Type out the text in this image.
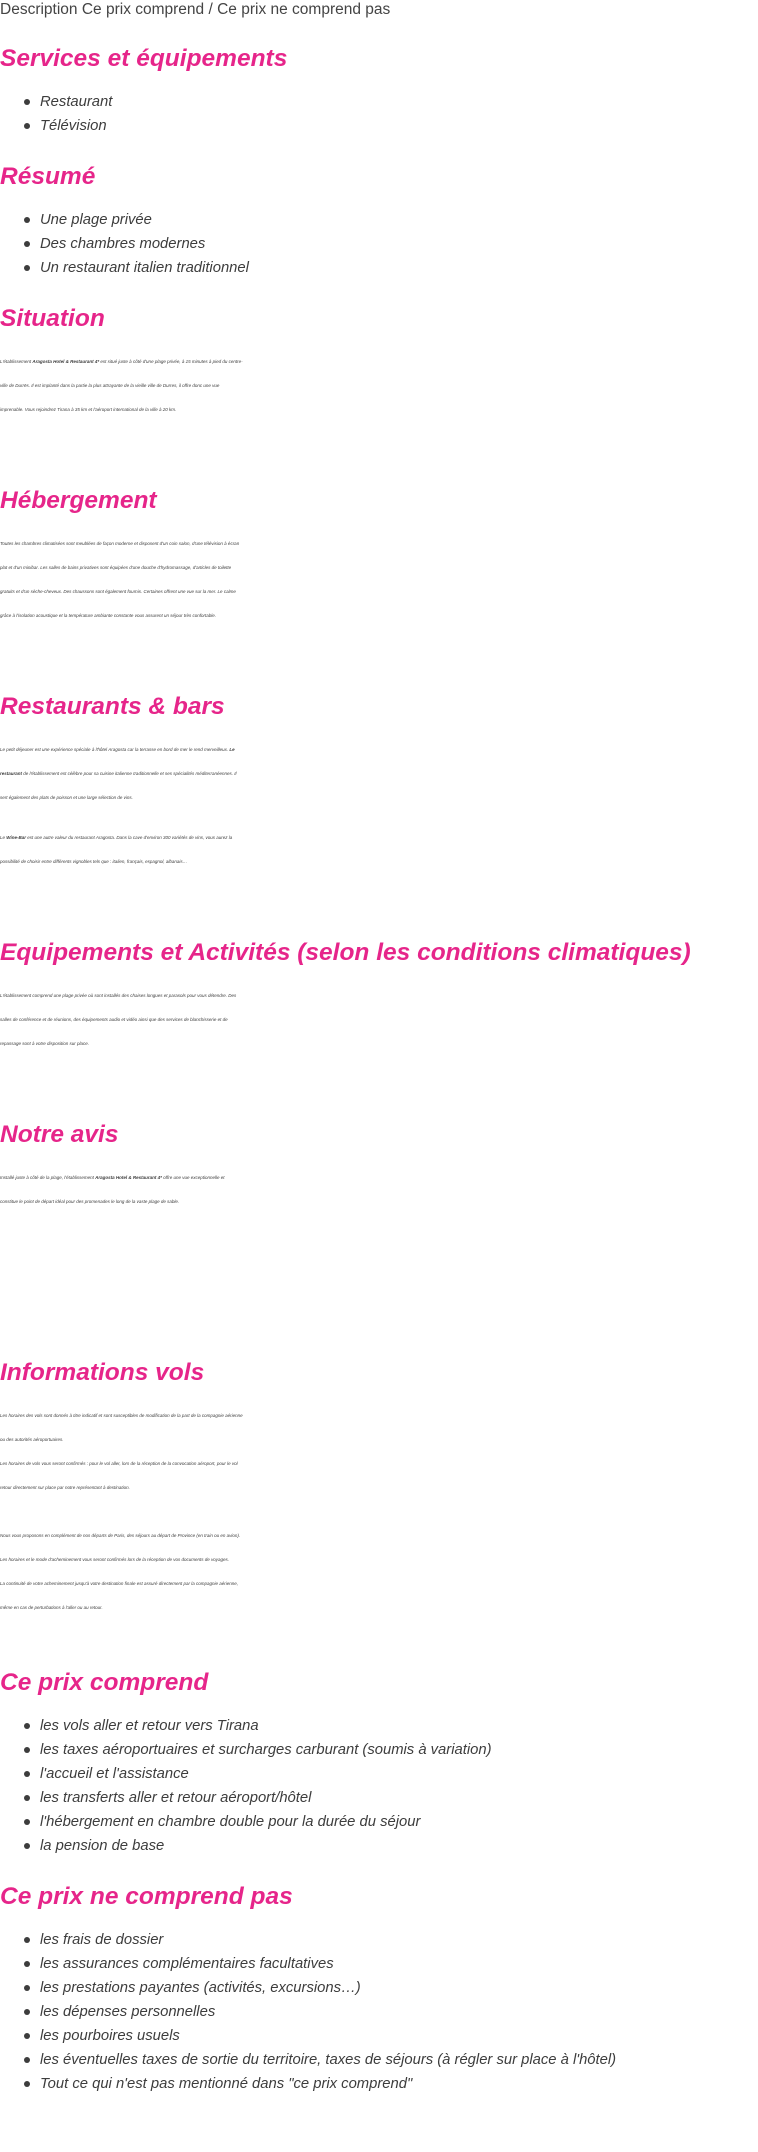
Description Ce prix comprend / Ce prix ne comprend pas
Services et équipements
Restaurant
Télévision
Résumé
Une plage privée
Des chambres modernes
Un restaurant italien traditionnel
Situation

L'établissement Aragosta Hotel & Restaurant 4* est situé juste à côté d'une plage privée, à 15 minutes à pied du centre-
ville de Durrës. Il est implanté dans la partie la plus attrayante de la vieille ville de Durres, il offre donc une vue
imprenable. Vous rejoindrez Tirana à 35 km et l'aéroport international de la ville à 20 km.

Hébergement

Toutes les chambres climatisées sont meublées de façon moderne et disposent d'un coin salon, d'une télévision à écran
plat et d'un minibar. Les salles de bains privatives sont équipées d'une douche d'hydromassage, d'articles de toilette
gratuits et d'un sèche-cheveux. Des chaussons sont également fournis. Certaines offrent une vue sur la mer. Le calme
grâce à l'isolation acoustique et la température ambiante constante vous assurent un séjour très confortable.

Restaurants & bars

Le petit déjeuner est une expérience spéciale à l'hôtel Aragosta car la terrasse en bord de mer le rend merveilleux. Le
restaurant de l'établissement est célèbre pour sa cuisine italienne traditionnelle et ses spécialités méditerranéennes. Il
sert également des plats de poisson et une large sélection de vins.

Le Wine-Bar est une autre valeur du restaurant Aragosta. Dans la cave d'environ 300 variétés de vins, vous aurez la
possibilité de choisir entre différents vignobles tels que : italien, français, espagnol, albanais…

Equipements et Activités (selon les conditions climatiques)

L'établissement comprend une plage privée où sont installés des chaises longues et parasols pour vous détendre. Des
salles de conférence et de réunions, des équipements audio et vidéo ainsi que des services de blanchisserie et de
repassage sont à votre disposition sur place.

Notre avis

Installé juste à côté de la plage, l'établissement Aragosta Hotel & Restaurant 4* offre une vue exceptionnelle et
constitue le point de départ idéal pour des promenades le long de la vaste plage de sable.

Informations vols

Les horaires des vols sont donnés à titre indicatif et sont susceptibles de modification de la part de la compagnie aérienne
ou des autorités aéroportuaires.
Les horaires de vols vous seront confirmés : pour le vol aller, lors de la réception de la convocation aéroport, pour le vol
retour directement sur place par notre représentant à destination.

Nous vous proposons en complément de nos départs de Paris, des séjours au départ de Province (en train ou en avion).
Les horaires et le mode d'acheminement vous seront confirmés lors de la réception de vos documents de voyages.
La continuité de votre acheminement jusqu'à votre destination finale est assuré directement par la compagnie aérienne,
même en cas de perturbations à l'aller ou au retour.

Ce prix comprend
les vols aller et retour vers Tirana
les taxes aéroportuaires et surcharges carburant (soumis à variation)
l'accueil et l'assistance
les transferts aller et retour aéroport/hôtel
l'hébergement en chambre double pour la durée du séjour
la pension de base
Ce prix ne comprend pas
les frais de dossier
les assurances complémentaires facultatives
les prestations payantes (activités, excursions…)
les dépenses personnelles
les pourboires usuels
les éventuelles taxes de sortie du territoire, taxes de séjours (à régler sur place à l'hôtel)
Tout ce qui n'est pas mentionné dans "ce prix comprend"
